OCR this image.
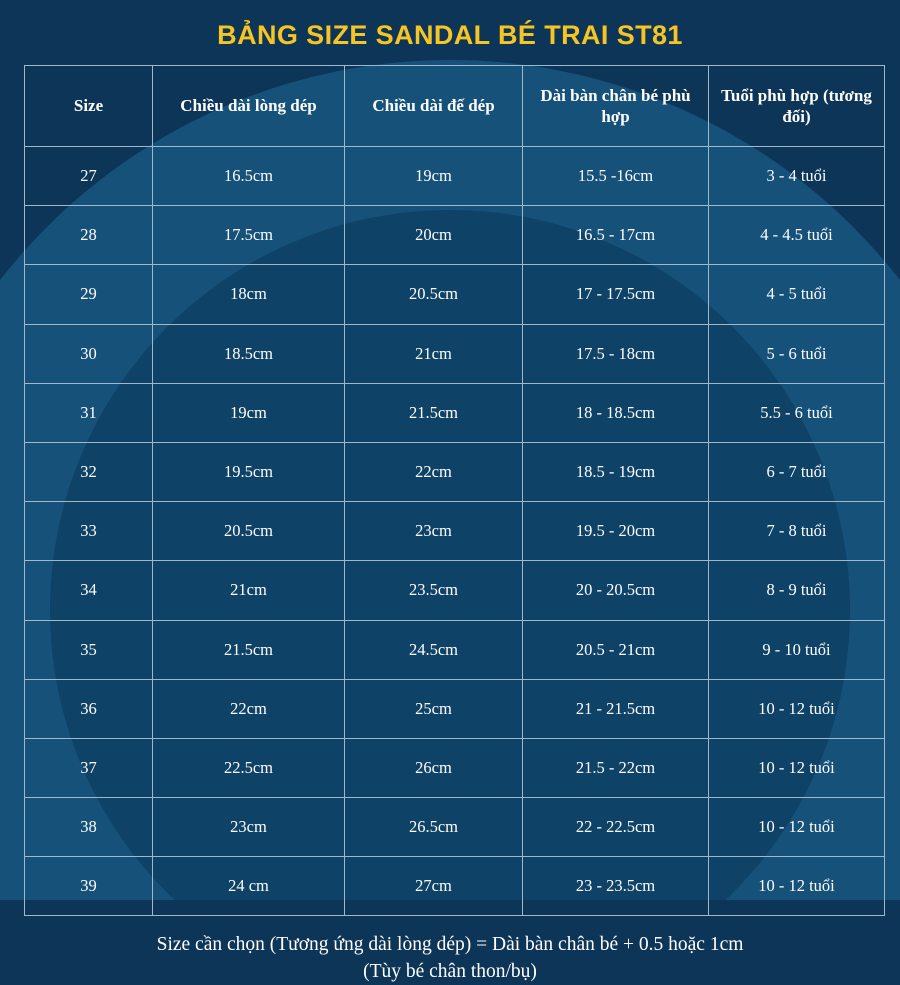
BẢNG SIZE SANDAL BÉ TRAI ST81
Size	Chiều dài lòng dép	Chiều dài đế dép	Dài bàn chân bé phù hợp	Tuổi phù hợp (tương đối)
27	16.5cm	19cm	15.5 -16cm	3 - 4 tuổi
28	17.5cm	20cm	16.5 - 17cm	4 - 4.5 tuổi
29	18cm	20.5cm	17 - 17.5cm	4 - 5 tuổi
30	18.5cm	21cm	17.5 - 18cm	5 - 6 tuổi
31	19cm	21.5cm	18 - 18.5cm	5.5 - 6 tuổi
32	19.5cm	22cm	18.5 - 19cm	6 - 7 tuổi
33	20.5cm	23cm	19.5 - 20cm	7 - 8 tuổi
34	21cm	23.5cm	20 - 20.5cm	8 - 9 tuổi
35	21.5cm	24.5cm	20.5 - 21cm	9 - 10 tuổi
36	22cm	25cm	21 - 21.5cm	10 - 12 tuổi
37	22.5cm	26cm	21.5 - 22cm	10 - 12 tuổi
38	23cm	26.5cm	22 - 22.5cm	10 - 12 tuổi
39	24 cm	27cm	23 - 23.5cm	10 - 12 tuổi
Size cần chọn (Tương ứng dài lòng dép) = Dài bàn chân bé + 0.5 hoặc 1cm
(Tùy bé chân thon/bụ)
